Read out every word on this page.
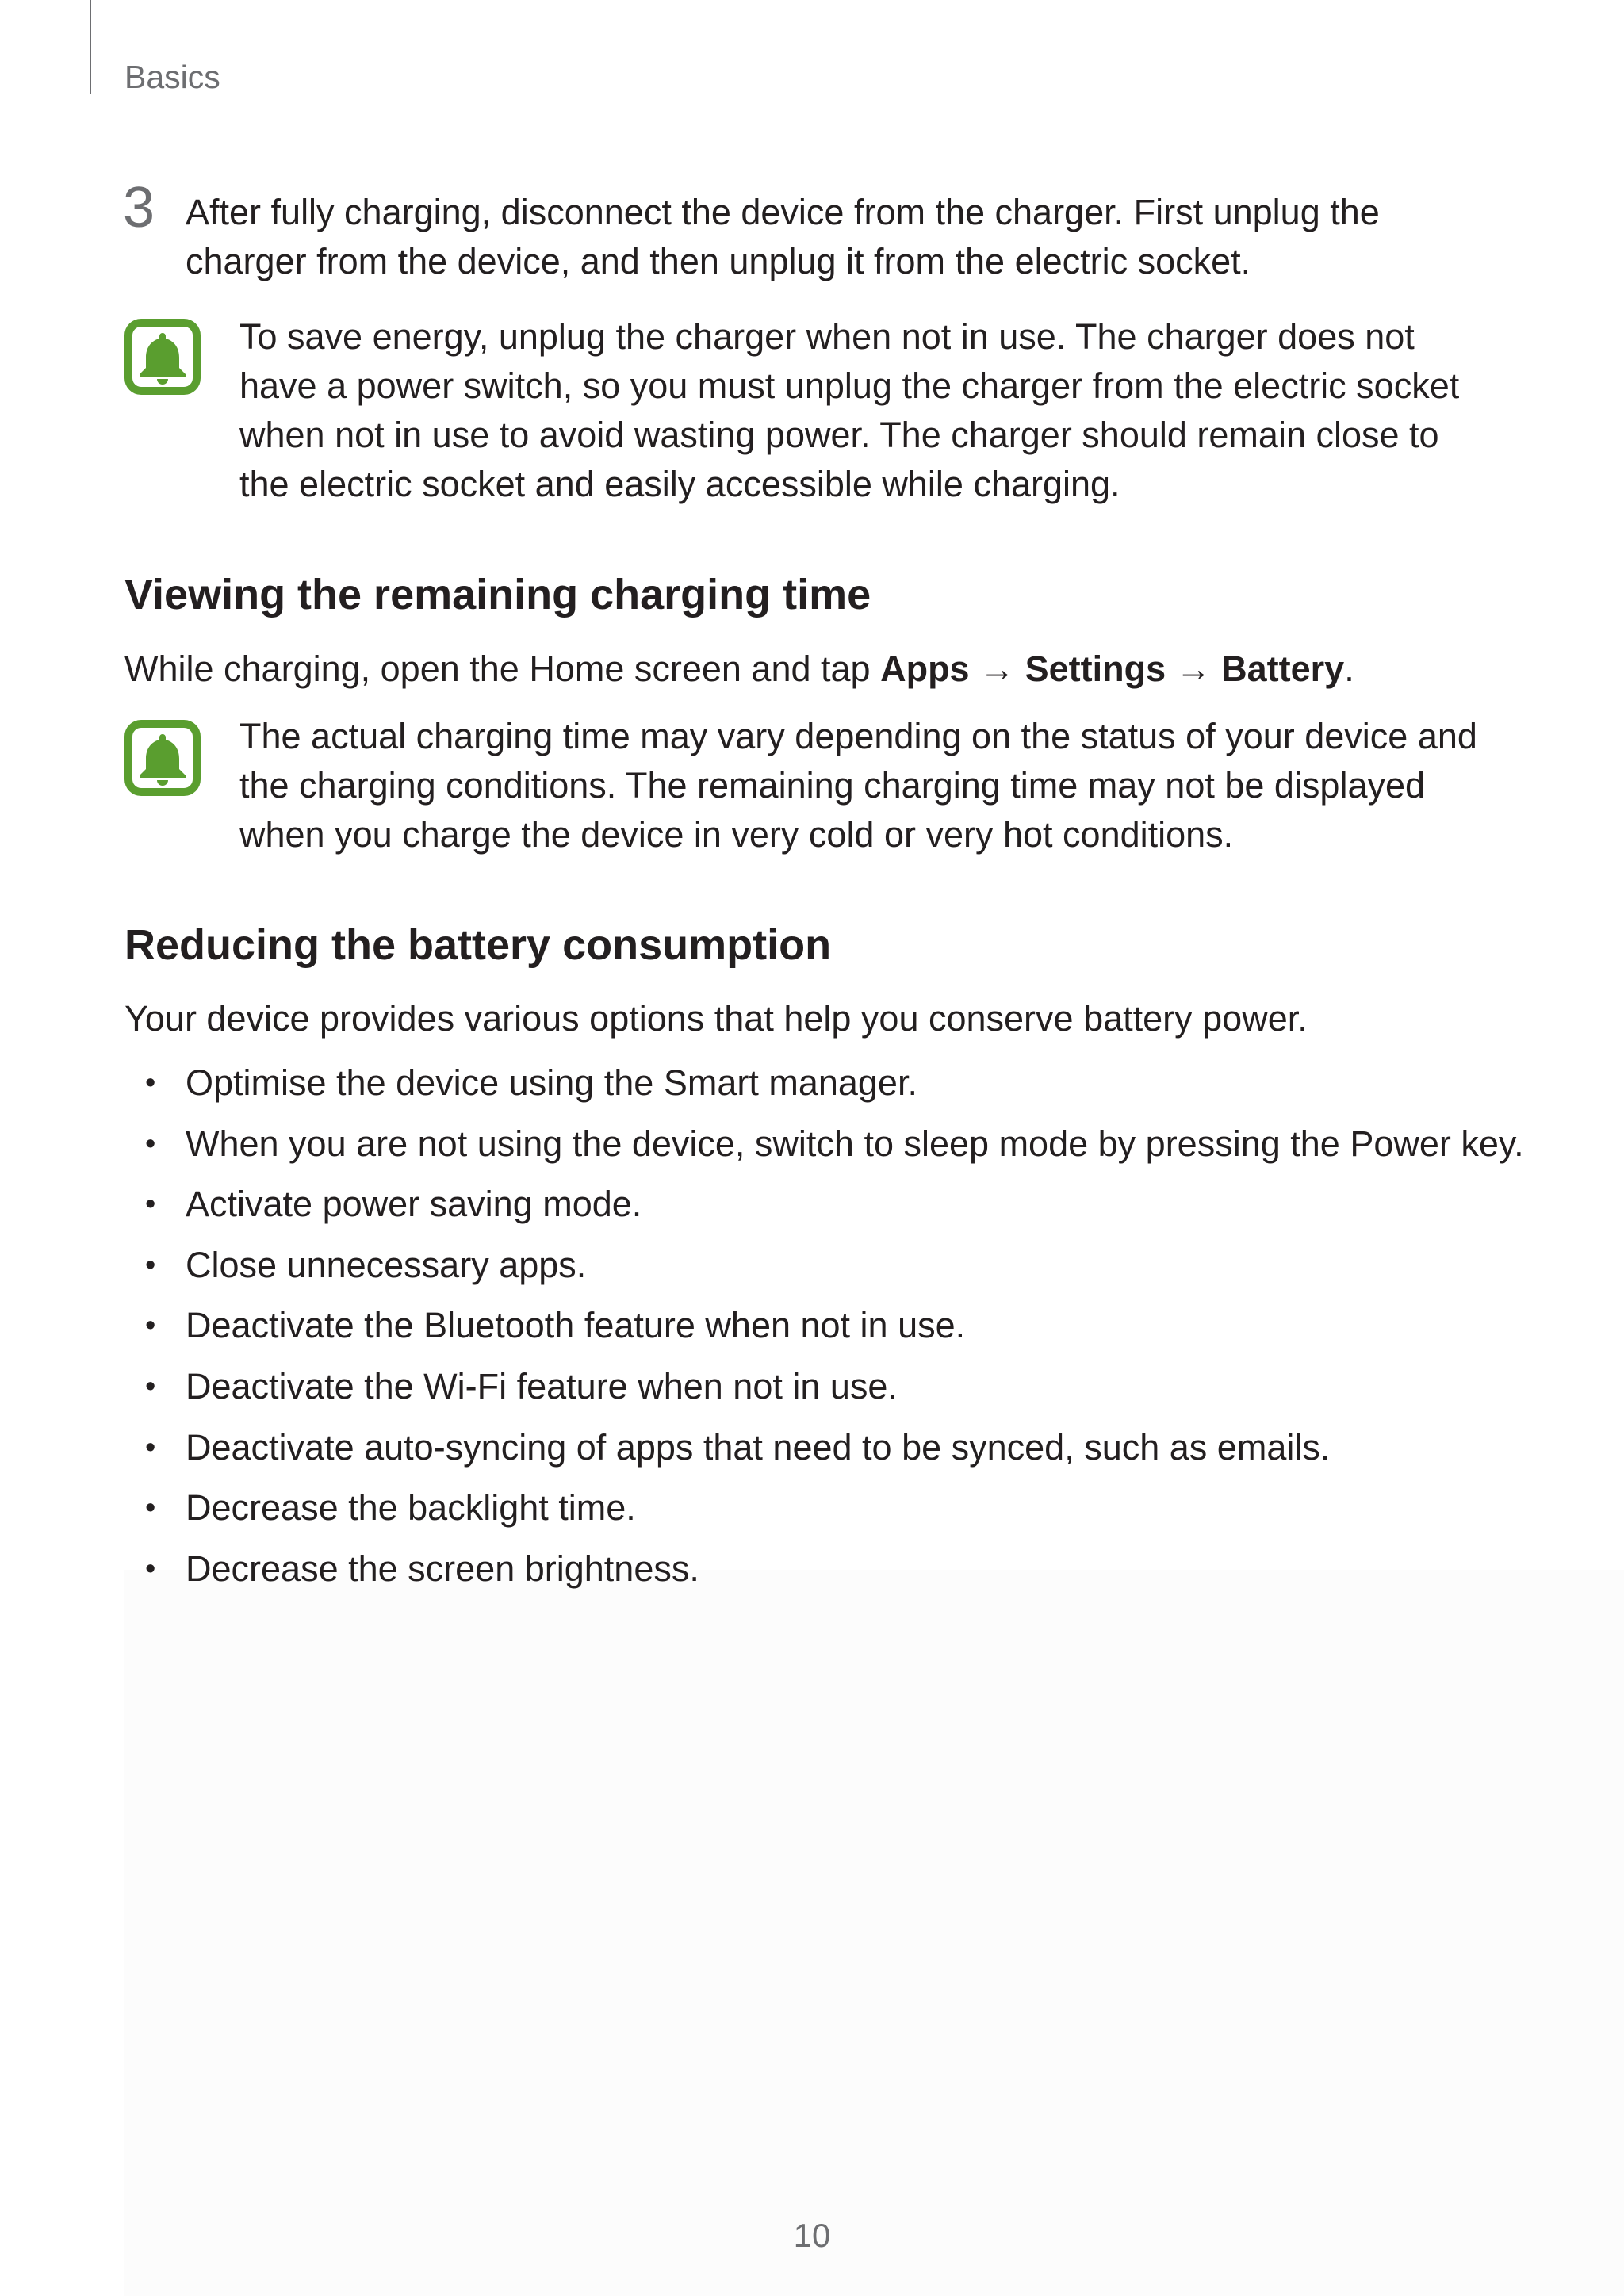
Basics
3 After fully charging, disconnect the device from the charger. First unplug the charger from the device, and then unplug it from the electric socket.
To save energy, unplug the charger when not in use. The charger does not have a power switch, so you must unplug the charger from the electric socket when not in use to avoid wasting power. The charger should remain close to the electric socket and easily accessible while charging.
Viewing the remaining charging time

While charging, open the Home screen and tap Apps → Settings → Battery.

The actual charging time may vary depending on the status of your device and the charging conditions. The remaining charging time may not be displayed when you charge the device in very cold or very hot conditions.
Reducing the battery consumption

Your device provides various options that help you conserve battery power.

• Optimise the device using the Smart manager.
• When you are not using the device, switch to sleep mode by pressing the Power key.
• Activate power saving mode.
• Close unnecessary apps.
• Deactivate the Bluetooth feature when not in use.
• Deactivate the Wi-Fi feature when not in use.
• Deactivate auto-syncing of apps that need to be synced, such as emails.
• Decrease the backlight time.
• Decrease the screen brightness.
10
